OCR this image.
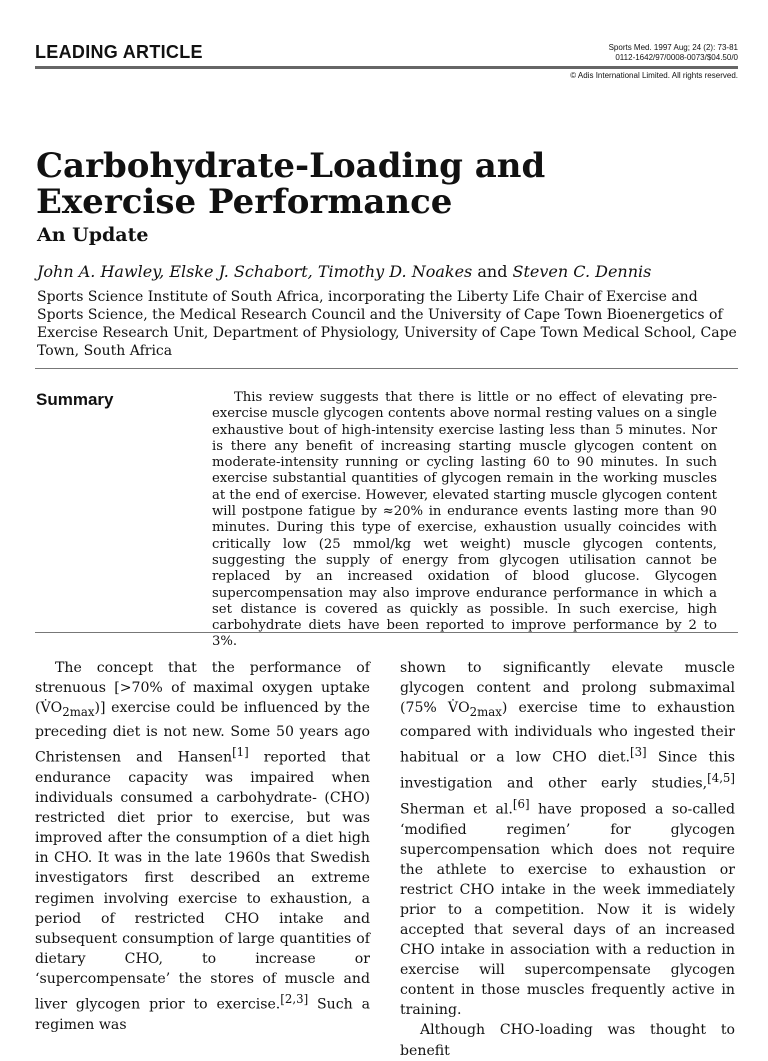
LEADING ARTICLE	Sports Med. 1997 Aug; 24 (2): 73-81
0112-1642/97/0008-0073/$04.50/0
© Adis International Limited. All rights reserved.
Carbohydrate-Loading and
Exercise Performance
An Update
John A. Hawley, Elske J. Schabort, Timothy D. Noakes and Steven C. Dennis
Sports Science Institute of South Africa, incorporating the Liberty Life Chair of Exercise and Sports Science, the Medical Research Council and the University of Cape Town Bioenergetics of Exercise Research Unit, Department of Physiology, University of Cape Town Medical School, Cape Town, South Africa
Summary	This review suggests that there is little or no effect of elevating pre-exercise muscle glycogen contents above normal resting values on a single exhaustive bout of high-intensity exercise lasting less than 5 minutes. Nor is there any benefit of increasing starting muscle glycogen content on moderate-intensity running or cycling lasting 60 to 90 minutes. In such exercise substantial quantities of glycogen remain in the working muscles at the end of exercise. However, elevated starting muscle glycogen content will postpone fatigue by ≈20% in endurance events lasting more than 90 minutes. During this type of exercise, exhaustion usually coincides with critically low (25 mmol/kg wet weight) muscle glycogen contents, suggesting the supply of energy from glycogen utilisation cannot be replaced by an increased oxidation of blood glucose. Glycogen supercompensation may also improve endurance performance in which a set distance is covered as quickly as possible. In such exercise, high carbohydrate diets have been reported to improve performance by 2 to 3%.

The concept that the performance of strenuous [>70% of maximal oxygen uptake $(V̇O_{2max})$] exercise could be influenced by the preceding diet is not new. Some 50 years ago Christensen and Hansen[1] reported that endurance capacity was impaired when individuals consumed a carbohydrate- (CHO) restricted diet prior to exercise, but was improved after the consumption of a diet high in CHO. It was in the late 1960s that Swedish investigators first described an extreme regimen involving exercise to exhaustion, a period of restricted CHO intake and subsequent consumption of large quantities of dietary CHO, to increase or ‘supercompensate’ the stores of muscle and liver glycogen prior to exercise.[2,3] Such a regimen was

shown to significantly elevate muscle glycogen content and prolong submaximal (75% $V̇O_{2max}$) exercise time to exhaustion compared with individuals who ingested their habitual or a low CHO diet.[3] Since this investigation and other early studies,[4,5] Sherman et al.[6] have proposed a so-called ‘modified regimen’ for glycogen supercompensation which does not require the athlete to exercise to exhaustion or restrict CHO intake in the week immediately prior to a competition. Now it is widely accepted that several days of an increased CHO intake in association with a reduction in exercise will supercompensate glycogen content in those muscles frequently active in training.

Although CHO-loading was thought to benefit
